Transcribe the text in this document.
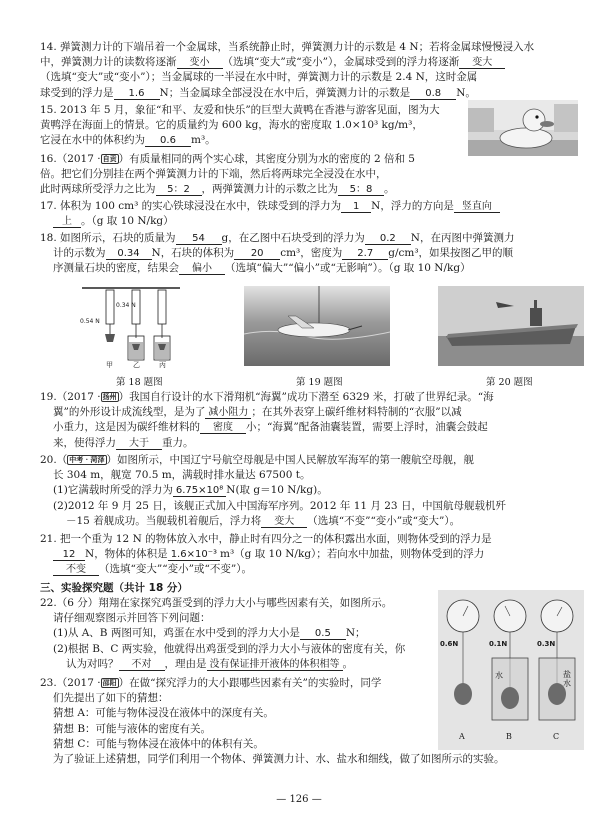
14. 弹簧测力计的下端吊着一个金属球，当系统静止时，弹簧测力计的示数是 4 N；若将金属球慢慢浸入水

中，弹簧测力计的读数将逐渐 变小 （选填“变大”或“变小”），金属球受到的浮力将逐渐 变大

（选填“变大”或“变小”）；当金属球的一半浸在水中时，弹簧测力计的示数是 2.4 N，这时金属

球受到的浮力是 1.6 N；当金属球全部浸没在水中后，弹簧测力计的示数是 0.8 N。

15. 2013 年 5 月，象征“和平、友爱和快乐”的巨型大黄鸭在香港与游客见面，图为大

黄鸭浮在海面上的情景。它的质量约为 600 kg，海水的密度取 1.0×10³ kg/m³，

它浸在水中的体积约为 0.6 m³。

16.（2017 · 自贡 ）有质量相同的两个实心球，其密度分别为水的密度的 2 倍和 5

倍。把它们分别挂在两个弹簧测力计的下端，然后将两球完全浸没在水中，

此时两球所受浮力之比为 5：2 ，两弹簧测力计的示数之比为 5：8 。

17. 体积为 100 cm³ 的实心铁球浸没在水中，铁球受到的浮力为 1 N，浮力的方向是 竖直向

上 。（g 取 10 N/kg）

18. 如图所示，石块的质量为 54 g，在乙图中石块受到的浮力为 0.2 N，在丙图中弹簧测力

计的示数为 0.34 N，石块的体积为 20 cm³，密度为 2.7 g/cm³，如果按图乙甲的顺

序测量石块的密度，结果会 偏小 （选填“偏大”“偏小”或“无影响”）。（g 取 10 N/kg）

0.54 N
0.34 N
甲	乙	丙
第 18 题图	第 19 题图	第 20 题图

19.（2017 · 扬州 ）我国自行设计的水下滑翔机“海翼”成功下潜至 6329 米，打破了世界纪录。“海

翼”的外形设计成流线型，是为了 减小阻力 ；在其外表穿上碳纤维材料特制的“衣服”以减

小重力，这是因为碳纤维材料的 密度 小；“海翼”配备油囊装置，需要上浮时，油囊会鼓起

来，使得浮力 大于 重力。

20.（ 中考 · 菏泽 ）如图所示，中国辽宁号航空母舰是中国人民解放军海军的第一艘航空母舰，舰

长 304 m，舰宽 70.5 m，满载时排水量达 67500 t。

(1)它满载时所受的浮力为 6.75×10⁸ N(取 g＝10 N/kg)。

(2)2012 年 9 月 25 日，该舰正式加入中国海军序列。2012 年 11 月 23 日，中国航母舰载机歼

－15 着舰成功。当舰载机着舰后，浮力将 变大 （选填“不变”“变小”或“变大”）。

21. 把一个重为 12 N 的物体放入水中，静止时有四分之一的体积露出水面，则物体受到的浮力是

12 N，物体的体积是 1.6×10⁻³ m³（g 取 10 N/kg）；若向水中加盐，则物体受到的浮力

不变 （选填“变大”“变小”或“不变”）。

三、实验探究题（共计 18 分）

22.（6 分）翔翔在家探究鸡蛋受到的浮力大小与哪些因素有关，如图所示。

请仔细观察图示并回答下列问题：

(1)从 A、B 两图可知，鸡蛋在水中受到的浮力大小是 0.5 N；

(2)根据 B、C 两实验，他就得出鸡蛋受到的浮力大小与液体的密度有关，你

认为对吗？ 不对 ，理由是 没有保证排开液体的体积相等 。

0.6N	0.1N	0.3N
水	盐水
A	B	C

23.（2017 · 邵阳 ）在做“探究浮力的大小跟哪些因素有关”的实验时，同学

们先提出了如下的猜想：

猜想 A：可能与物体浸没在液体中的深度有关。

猜想 B：可能与液体的密度有关。

猜想 C：可能与物体浸在液体中的体积有关。

为了验证上述猜想，同学们利用一个物体、弹簧测力计、水、盐水和细线，做了如图所示的实验。
— 126 —
